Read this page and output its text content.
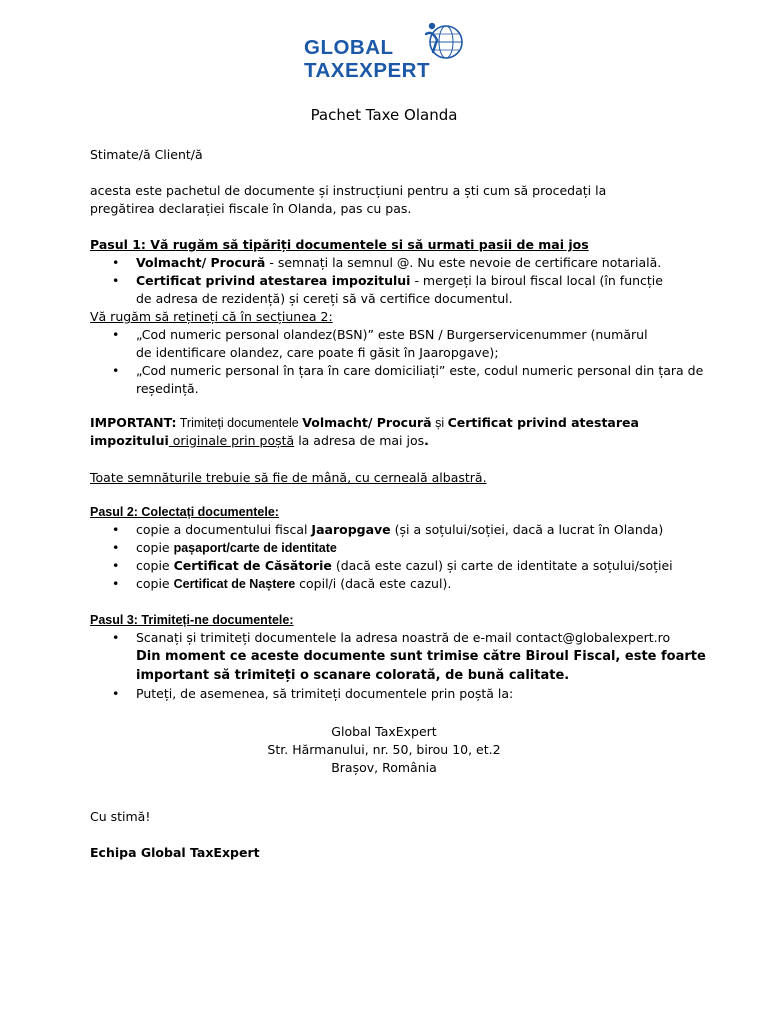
GLOBAL
TAXEXPERT
Pachet Taxe Olanda
Stimate/ă Client/ă
acesta este pachetul de documente și instrucțiuni pentru a ști cum să procedați la
pregătirea declarației fiscale în Olanda, pas cu pas.
Pasul 1: Vă rugăm să tipăriți documentele si să urmati pasii de mai jos
• Volmacht/ Procură - semnați la semnul @. Nu este nevoie de certificare notarială.
• Certificat privind atestarea impozitului - mergeți la biroul fiscal local (în funcție
de adresa de rezidență) și cereți să vă certifice documentul.
Vă rugăm să rețineți că în secțiunea 2:
• „Cod numeric personal olandez(BSN)” este BSN / Burgerservicenummer (numărul
de identificare olandez, care poate fi găsit în Jaaropgave);
• „Cod numeric personal în țara în care domiciliați” este, codul numeric personal din țara de
reședință.
IMPORTANT: Trimiteți documentele Volmacht/ Procură și Certificat privind atestarea
impozitului originale prin poștă la adresa de mai jos.
Toate semnăturile trebuie să fie de mână, cu cerneală albastră.
Pasul 2: Colectați documentele:
• copie a documentului fiscal Jaaropgave (și a soțului/soției, dacă a lucrat în Olanda)
• copie pașaport/carte de identitate
• copie Certificat de Căsătorie (dacă este cazul) și carte de identitate a soțului/soției
• copie Certificat de Naștere copil/i (dacă este cazul).
Pasul 3: Trimiteți-ne documentele:
• Scanați și trimiteți documentele la adresa noastră de e-mail contact@globalexpert.ro
Din moment ce aceste documente sunt trimise către Biroul Fiscal, este foarte
important să trimiteți o scanare colorată, de bună calitate.
• Puteți, de asemenea, să trimiteți documentele prin poștă la:
Global TaxExpert
Str. Hărmanului, nr. 50, birou 10, et.2
Brașov, România
Cu stimă!
Echipa Global TaxExpert
